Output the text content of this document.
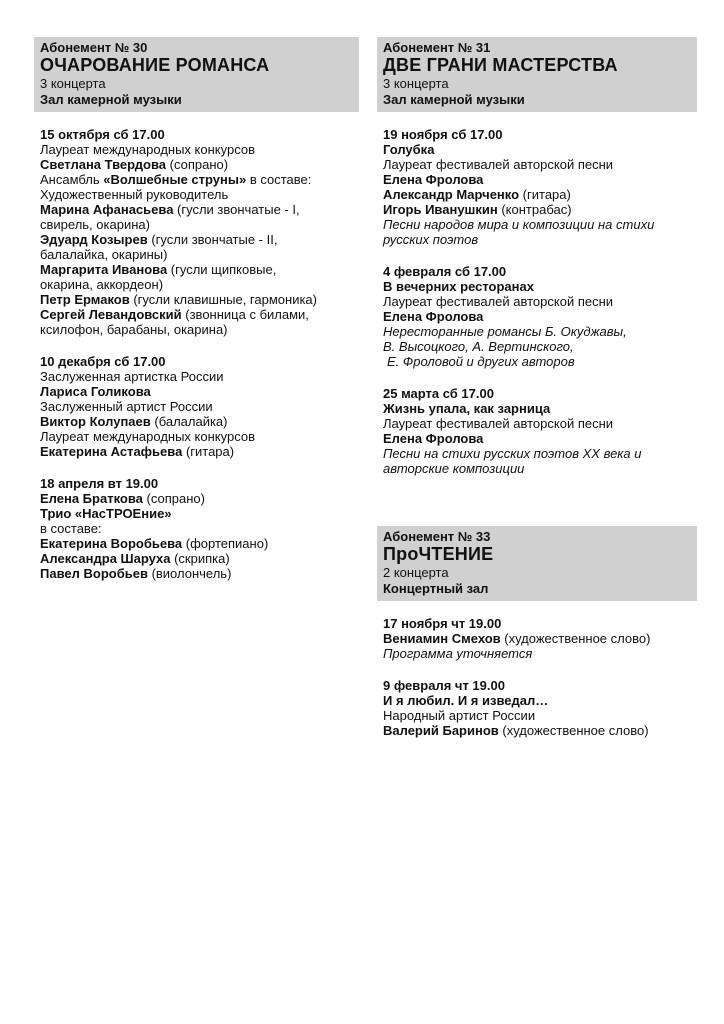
Абонемент № 30
ОЧАРОВАНИЕ РОМАНСА
3 концерта
Зал камерной музыки
15 октября сб 17.00
Лауреат международных конкурсов
Светлана Твердова (сопрано)
Ансамбль «Волшебные струны» в составе:
Художественный руководитель
Марина Афанасьева (гусли звончатые - I,
свирель, окарина)
Эдуард Козырев (гусли звончатые - II,
балалайка, окарины)
Маргарита Иванова (гусли щипковые,
окарина, аккордеон)
Петр Ермаков (гусли клавишные, гармоника)
Сергей Левандовский (звонница с билами,
ксилофон, барабаны, окарина)
10 декабря сб 17.00
Заслуженная артистка России
Лариса Голикова
Заслуженный артист России
Виктор Колупаев (балалайка)
Лауреат международных конкурсов
Екатерина Астафьева (гитара)
18 апреля вт 19.00
Елена Браткова (сопрано)
Трио «НасТРОЕние»
в составе:
Екатерина Воробьева (фортепиано)
Александра Шаруха (скрипка)
Павел Воробьев (виолончель)
Абонемент № 31
ДВЕ ГРАНИ МАСТЕРСТВА
3 концерта
Зал камерной музыки
19 ноября сб 17.00
Голубка
Лауреат фестивалей авторской песни
Елена Фролова
Александр Марченко (гитара)
Игорь Иванушкин (контрабас)
Песни народов мира и композиции на стихи
русских поэтов
4 февраля сб 17.00
В вечерних ресторанах
Лауреат фестивалей авторской песни
Елена Фролова
Нересторанные романсы Б. Окуджавы,
В. Высоцкого, А. Вертинского,
Е. Фроловой и других авторов
25 марта сб 17.00
Жизнь упала, как зарница
Лауреат фестивалей авторской песни
Елена Фролова
Песни на стихи русских поэтов XX века и
авторские композиции
Абонемент № 33
ПроЧТЕНИЕ
2 концерта
Концертный зал
17 ноября чт 19.00
Вениамин Смехов (художественное слово)
Программа уточняется
9 февраля чт 19.00
И я любил. И я изведал…
Народный артист России
Валерий Баринов (художественное слово)
